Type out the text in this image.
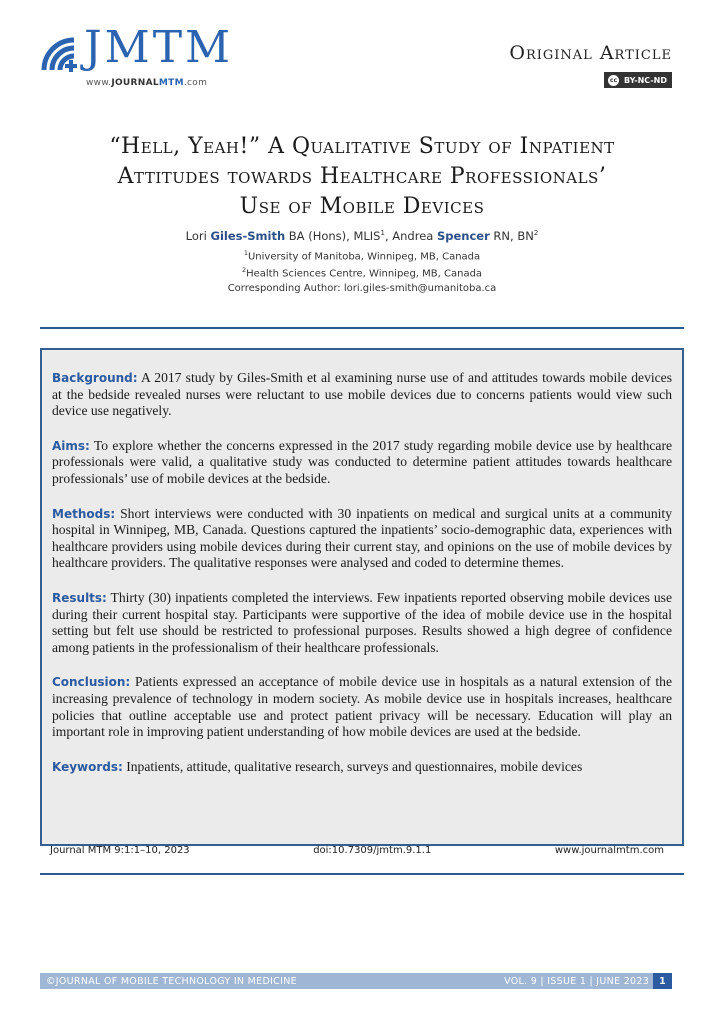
JMTM
www.JOURNALMTM.com
Original Article
cc BY-NC-ND
“Hell, Yeah!” A Qualitative Study of Inpatient
Attitudes towards Healthcare Professionals’
Use of Mobile Devices
Lori Giles-Smith BA (Hons), MLIS$^1$, Andrea Spencer RN, $BN^2$
$^1$University of Manitoba, Winnipeg, MB, Canada
$^2$Health Sciences Centre, Winnipeg, MB, Canada
Corresponding Author: lori.giles-smith@umanitoba.ca

Background: A 2017 study by Giles-Smith et al examining nurse use of and attitudes towards mobile devices at the bedside revealed nurses were reluctant to use mobile devices due to concerns patients would view such device use negatively.

Aims: To explore whether the concerns expressed in the 2017 study regarding mobile device use by healthcare professionals were valid, a qualitative study was conducted to determine patient attitudes towards healthcare professionals’ use of mobile devices at the bedside.

Methods: Short interviews were conducted with 30 inpatients on medical and surgical units at a community hospital in Winnipeg, MB, Canada. Questions captured the inpatients’ socio-demographic data, experiences with healthcare providers using mobile devices during their current stay, and opinions on the use of mobile devices by healthcare providers. The qualitative responses were analysed and coded to determine themes.

Results: Thirty (30) inpatients completed the interviews. Few inpatients reported observing mobile devices use during their current hospital stay. Participants were supportive of the idea of mobile device use in the hospital setting but felt use should be restricted to professional purposes. Results showed a high degree of confidence among patients in the professionalism of their healthcare professionals.

Conclusion: Patients expressed an acceptance of mobile device use in hospitals as a natural extension of the increasing prevalence of technology in modern society. As mobile device use in hospitals increases, healthcare policies that outline acceptable use and protect patient privacy will be necessary. Education will play an important role in improving patient understanding of how mobile devices are used at the bedside.

Keywords: Inpatients, attitude, qualitative research, surveys and questionnaires, mobile devices

Journal MTM 9:1:1–10, 2023	doi:10.7309/jmtm.9.1.1	www.journalmtm.com
©JOURNAL OF MOBILE TECHNOLOGY IN MEDICINE	VOL. 9 | ISSUE 1 | JUNE 2023	1
